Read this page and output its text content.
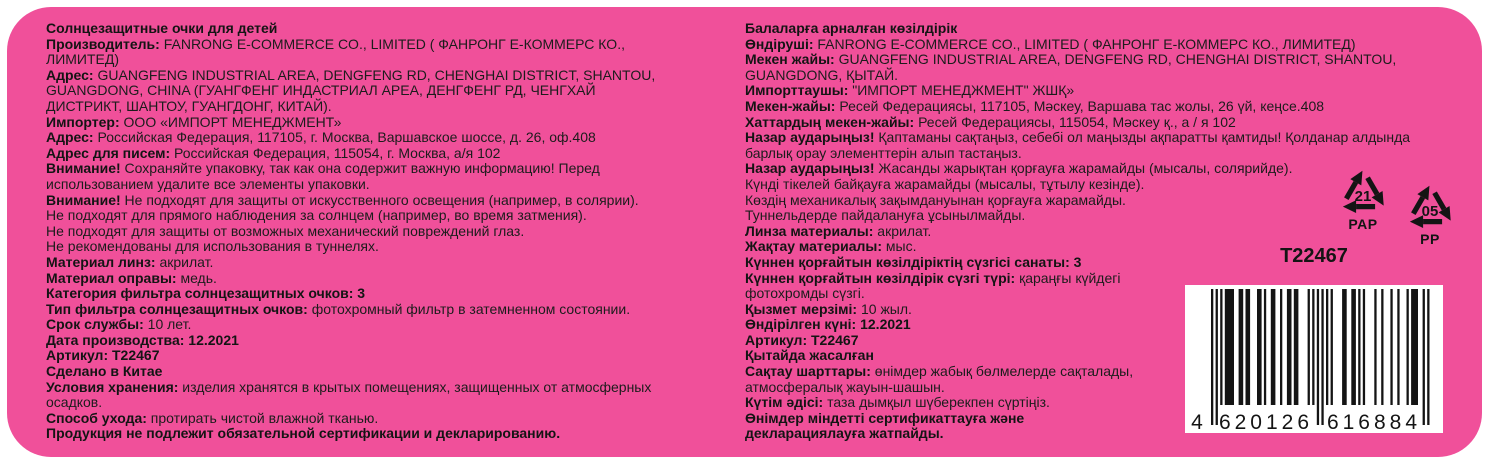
Солнцезащитные очки для детей
Производитель: FANRONG E-COMMERCE CO., LIMITED ( ФАНРОНГ Е-КОММЕРС КО.,
ЛИМИТЕД)
Адрес: GUANGFENG INDUSTRIAL AREA, DENGFENG RD, CHENGHAI DISTRICT, SHANTOU,
GUANGDONG, CHINA (ГУАНГФЕНГ ИНДАСТРИАЛ АРЕА, ДЕНГФЕНГ РД, ЧЕНГХАЙ
ДИСТРИКТ, ШАНТОУ, ГУАНГДОНГ, КИТАЙ).
Импортер: ООО «ИМПОРТ МЕНЕДЖМЕНТ»
Адрес: Российская Федерация, 117105, г. Москва, Варшавское шоссе, д. 26, оф.408
Адрес для писем: Российская Федерация, 115054, г. Москва, а/я 102
Внимание! Сохраняйте упаковку, так как она содержит важную информацию! Перед
использованием удалите все элементы упаковки.
Внимание! Не подходят для защиты от искусственного освещения (например, в солярии).
Не подходят для прямого наблюдения за солнцем (например, во время затмения).
Не подходят для защиты от возможных механический повреждений глаз.
Не рекомендованы для использования в туннелях.
Материал линз: акрилат.
Материал оправы: медь.
Категория фильтра солнцезащитных очков: 3
Тип фильтра солнцезащитных очков: фотохромный фильтр в затемненном состоянии.
Срок службы: 10 лет.
Дата производства: 12.2021
Артикул: T22467
Сделано в Китае
Условия хранения: изделия хранятся в крытых помещениях, защищенных от атмосферных
осадков.
Способ ухода: протирать чистой влажной тканью.
Продукция не подлежит обязательной сертификации и декларированию.
Балаларға арналған көзілдірік
Өндіруші: FANRONG E-COMMERCE CO., LIMITED ( ФАНРОНГ Е-КОММЕРС КО., ЛИМИТЕД)
Мекен жайы: GUANGFENG INDUSTRIAL AREA, DENGFENG RD, CHENGHAI DISTRICT, SHANTOU,
GUANGDONG, ҚЫТАЙ.
Импорттаушы: "ИМПОРТ МЕНЕДЖМЕНТ" ЖШҚ»
Мекен-жайы: Ресей Федерациясы, 117105, Мәскеу, Варшава тас жолы, 26 үй, кеңсе.408
Хаттардың мекен-жайы: Ресей Федерациясы, 115054, Мәскеу қ., а / я 102
Назар аударыңыз! Қаптаманы сақтаңыз, себебі ол маңызды ақпаратты қамтиды! Қолданар алдында
барлық орау элементтерін алып тастаңыз.
Назар аударыңыз! Жасанды жарықтан қорғауға жарамайды (мысалы, солярийде).
Күнді тікелей байқауға жарамайды (мысалы, тұтылу кезінде).
Көздің механикалық зақымдануынан қорғауға жарамайды.
Туннельдерде пайдалануға ұсынылмайды.
Линза материалы: акрилат.
Жақтау материалы: мыс.
Күннен қорғайтын көзілдіріктің сүзгісі санаты: 3
Күннен қорғайтын көзілдірік сүзгі түрі: қараңғы күйдегі
фотохромды сүзгі.
Қызмет мерзімі: 10 жыл.
Өндірілген күні: 12.2021
Артикул: T22467
Қытайда жасалған
Сақтау шарттары: өнімдер жабық бөлмелерде сақталады,
атмосфералық жауын-шашын.
Күтім әдісі: таза дымқыл шүберекпен сүртіңіз.
Өнімдер міндетті сертификаттауға және
декларациялауға жатпайды.
21
PAP
05
PP
T22467
4 620126 616884
